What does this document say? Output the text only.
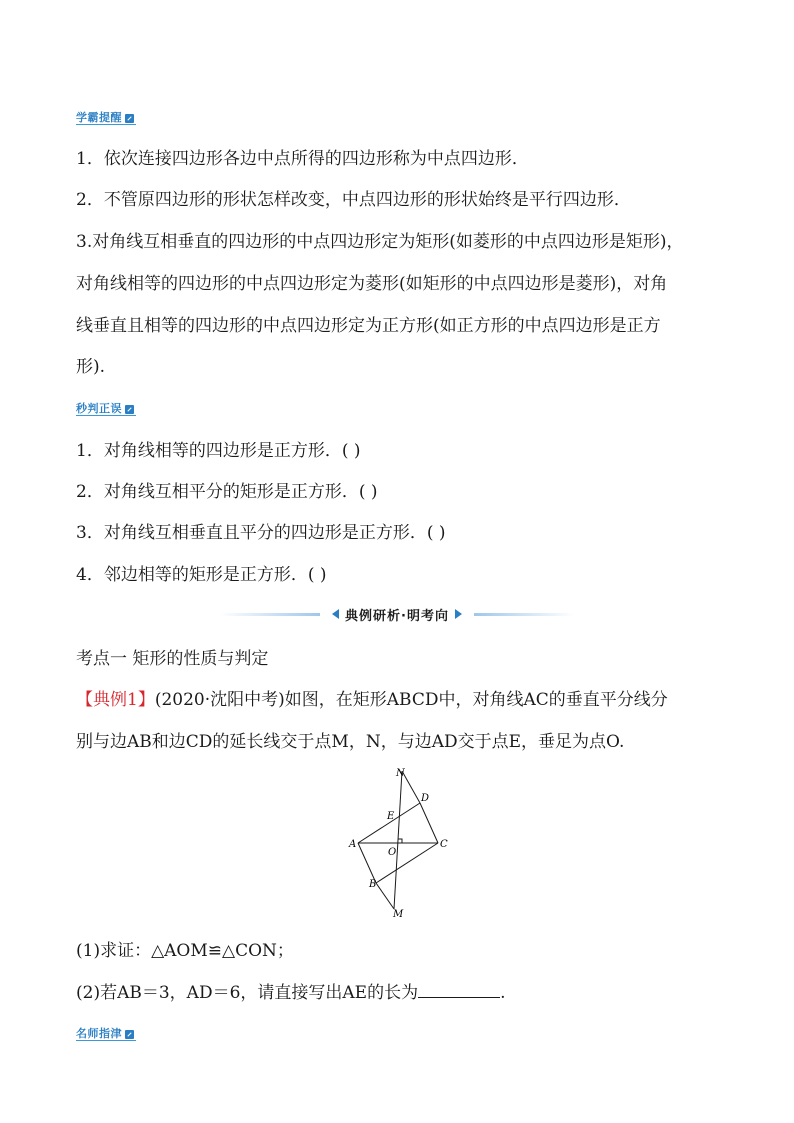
学霸提醒
1．依次连接四边形各边中点所得的四边形称为中点四边形．
2．不管原四边形的形状怎样改变，中点四边形的形状始终是平行四边形．
3.对角线互相垂直的四边形的中点四边形定为矩形(如菱形的中点四边形是矩形)，
对角线相等的四边形的中点四边形定为菱形(如矩形的中点四边形是菱形)，对角
线垂直且相等的四边形的中点四边形定为正方形(如正方形的中点四边形是正方
形).
秒判正误
1．对角线相等的四边形是正方形．( )
2．对角线互相平分的矩形是正方形．( )
3．对角线互相垂直且平分的四边形是正方形．( )
4．邻边相等的矩形是正方形．( )
典例研析·明考向
考点一 矩形的性质与判定
【典例1】(2020·沈阳中考)如图，在矩形ABCD中，对角线AC的垂直平分线分
别与边AB和边CD的延长线交于点M，N，与边AD交于点E，垂足为点O.
N
D
E
A
O
C
B
M
(1)求证：△AOM≌△CON；
(2)若AB＝3，AD＝6，请直接写出AE的长为	.
名师指津
